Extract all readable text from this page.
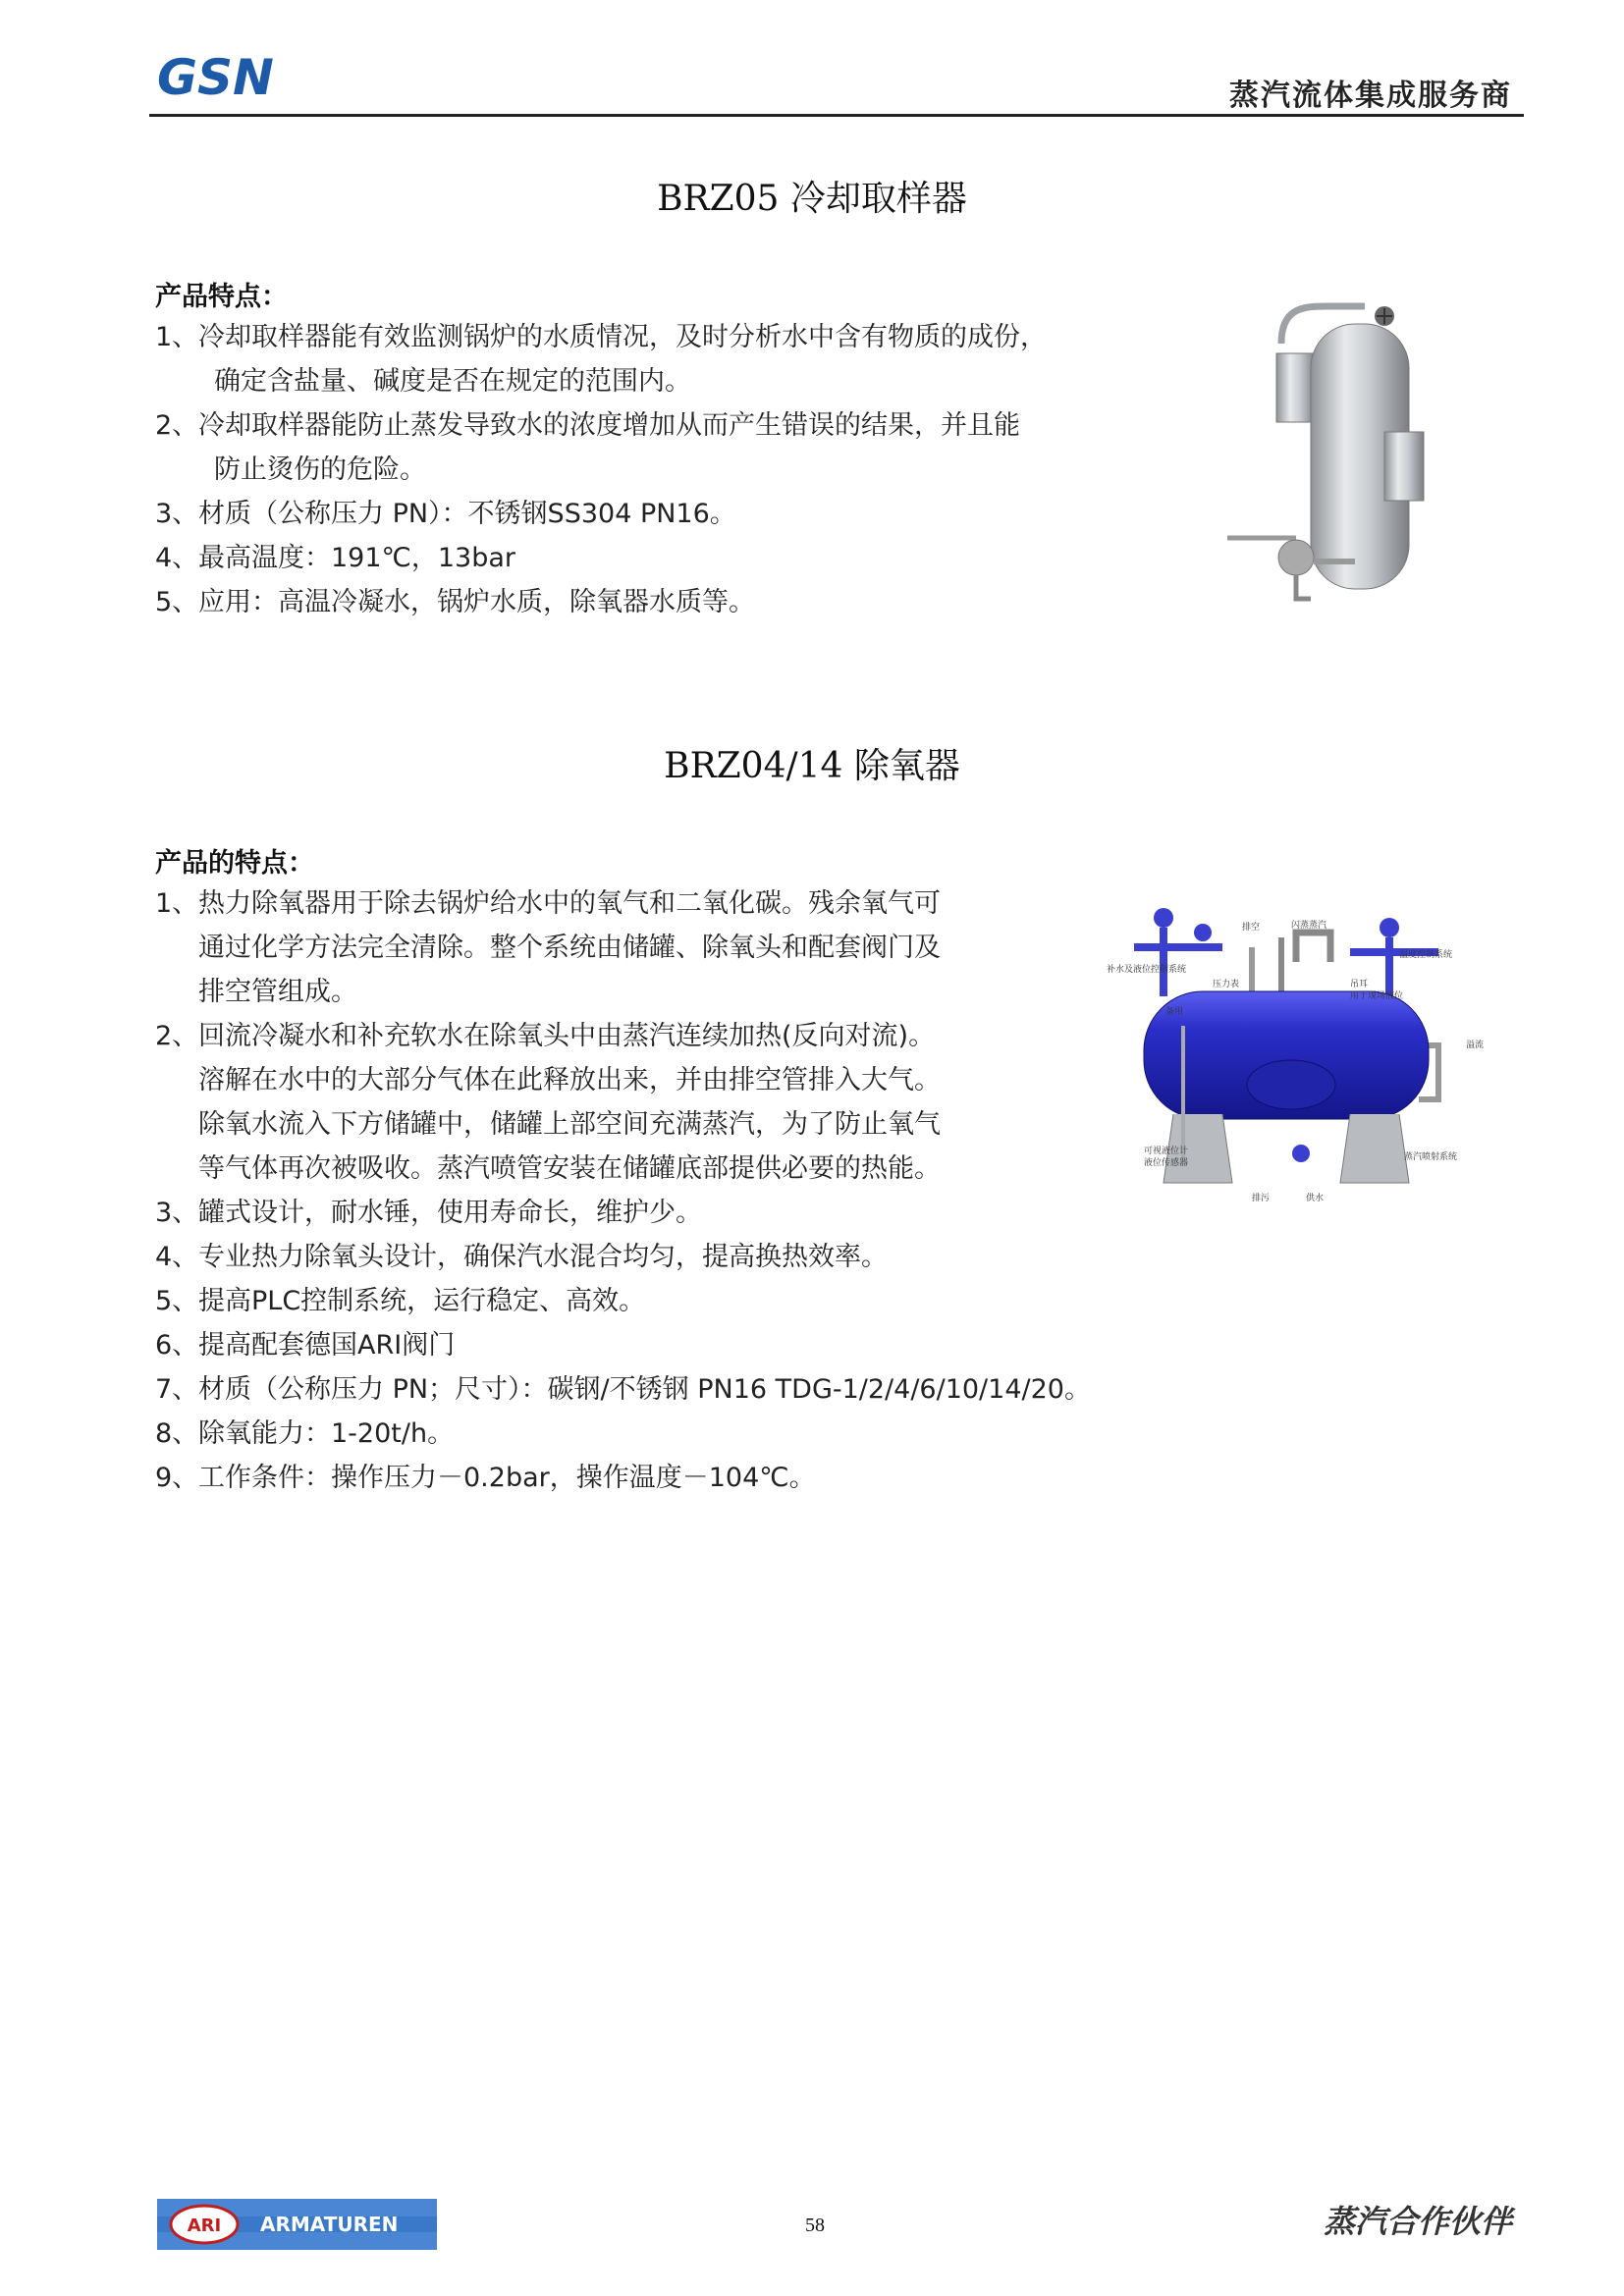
GSN	蒸汽流体集成服务商
BRZ05 冷却取样器
产品特点：
1、冷却取样器能有效监测锅炉的水质情况，及时分析水中含有物质的成份，
确定含盐量、碱度是否在规定的范围内。
2、冷却取样器能防止蒸发导致水的浓度增加从而产生错误的结果，并且能
防止烫伤的危险。
3、材质（公称压力 PN）：不锈钢SS304 PN16。
4、最高温度：191℃，13bar
5、应用：高温冷凝水，锅炉水质，除氧器水质等。
BRZ04/14 除氧器
产品的特点：
1、热力除氧器用于除去锅炉给水中的氧气和二氧化碳。残余氧气可
通过化学方法完全清除。整个系统由储罐、除氧头和配套阀门及
排空管组成。
2、回流冷凝水和补充软水在除氧头中由蒸汽连续加热(反向对流)。
溶解在水中的大部分气体在此释放出来，并由排空管排入大气。
除氧水流入下方储罐中，储罐上部空间充满蒸汽，为了防止氧气
等气体再次被吸收。蒸汽喷管安装在储罐底部提供必要的热能。
3、罐式设计，耐水锤，使用寿命长，维护少。
4、专业热力除氧头设计，确保汽水混合均匀，提高换热效率。
5、提高PLC控制系统，运行稳定、高效。
6、提高配套德国ARI阀门
7、材质（公称压力 PN；尺寸）：碳钢/不锈钢 PN16 TDG-1/2/4/6/10/14/20。
8、除氧能力：1-20t/h。
9、工作条件：操作压力－0.2bar，操作温度－104℃。
补水及液位控制系统
排空	闪蒸蒸汽
温度控制系统
压力表	吊耳
用于现场液位
备用
溢流
可视液位计
液位传感器
蒸汽喷射系统
排污	供水
ARI ARMATUREN	58	蒸汽合作伙伴
